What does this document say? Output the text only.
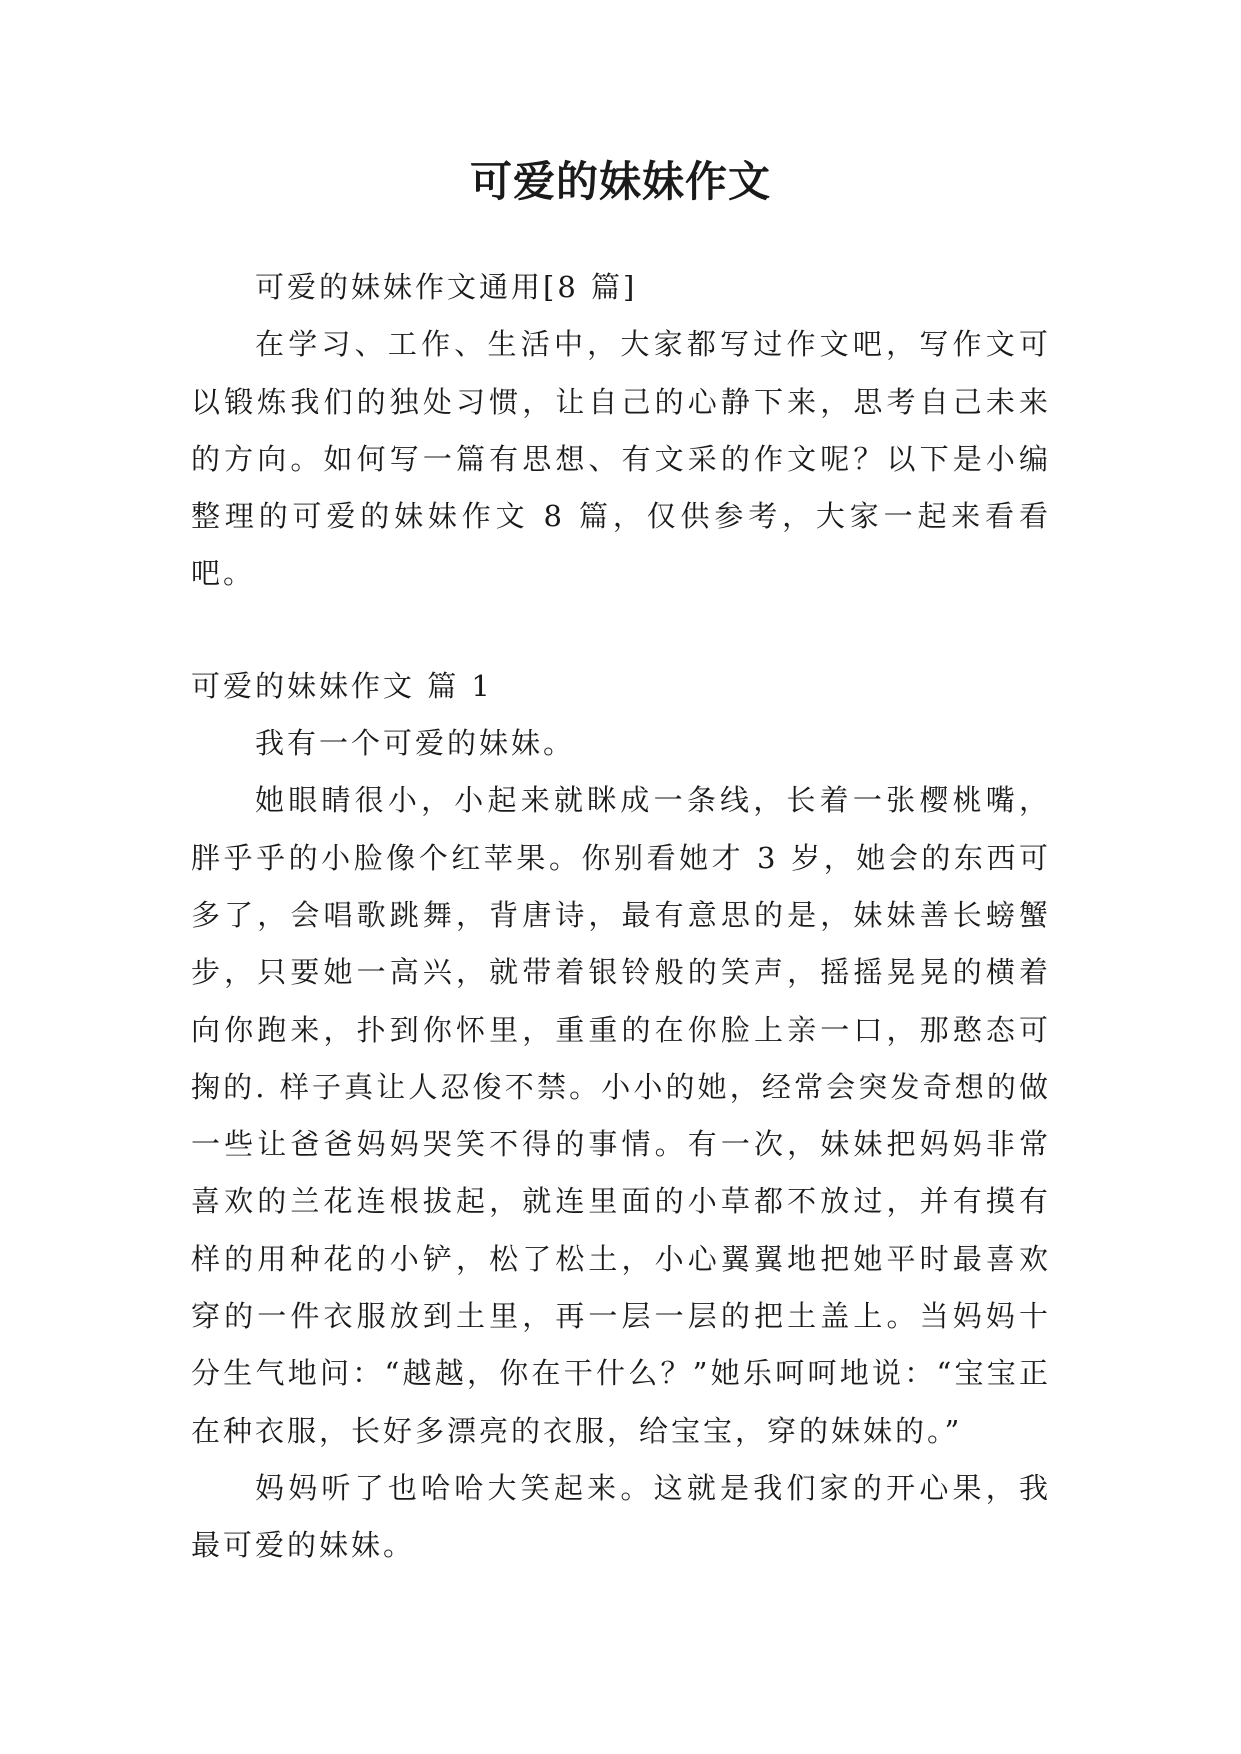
可爱的妹妹作文

可爱的妹妹作文通用[8 篇]

在学习、工作、生活中，大家都写过作文吧，写作文可以锻炼我们的独处习惯，让自己的心静下来，思考自己未来的方向。如何写一篇有思想、有文采的作文呢？以下是小编整理的可爱的妹妹作文 8 篇，仅供参考，大家一起来看看吧。

可爱的妹妹作文 篇 1

我有一个可爱的妹妹。

她眼睛很小，小起来就眯成一条线，长着一张樱桃嘴，胖乎乎的小脸像个红苹果。你别看她才 3 岁，她会的东西可多了，会唱歌跳舞，背唐诗，最有意思的是，妹妹善长螃蟹步，只要她一高兴，就带着银铃般的笑声，摇摇晃晃的横着向你跑来，扑到你怀里，重重的在你脸上亲一口，那憨态可掬的. 样子真让人忍俊不禁。小小的她，经常会突发奇想的做一些让爸爸妈妈哭笑不得的事情。有一次，妹妹把妈妈非常喜欢的兰花连根拔起，就连里面的小草都不放过，并有摸有样的用种花的小铲，松了松土，小心翼翼地把她平时最喜欢穿的一件衣服放到土里，再一层一层的把土盖上。当妈妈十分生气地问：“越越，你在干什么？”她乐呵呵地说：“宝宝正在种衣服，长好多漂亮的衣服，给宝宝，穿的妹妹的。”

妈妈听了也哈哈大笑起来。这就是我们家的开心果，我最可爱的妹妹。
